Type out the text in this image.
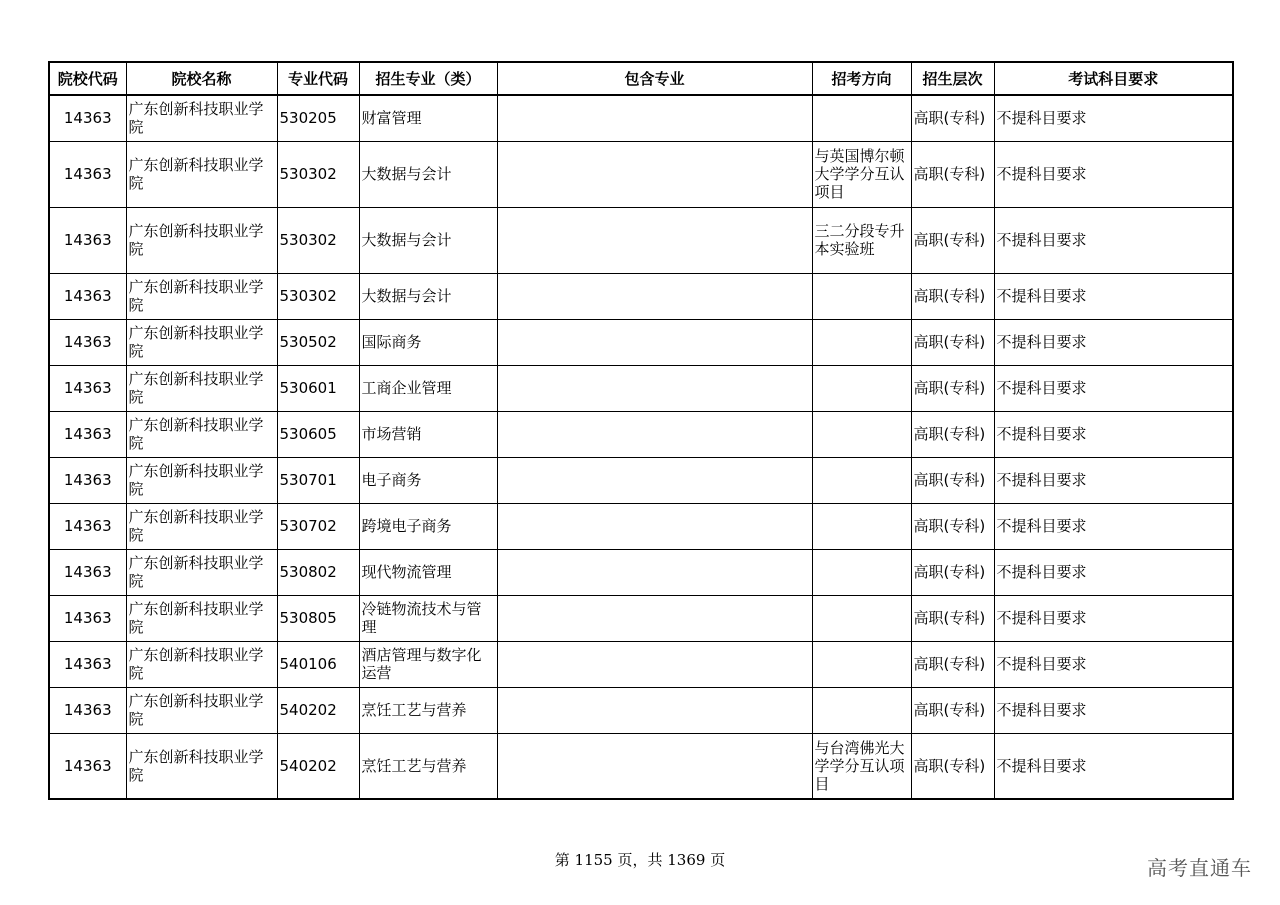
院校代码	院校名称	专业代码	招生专业（类）	包含专业	招考方向	招生层次	考试科目要求
14363	广东创新科技职业学院	530205	财富管理			高职(专科)	不提科目要求
14363	广东创新科技职业学院	530302	大数据与会计		与英国博尔顿大学学分互认项目	高职(专科)	不提科目要求
14363	广东创新科技职业学院	530302	大数据与会计		三二分段专升本实验班	高职(专科)	不提科目要求
14363	广东创新科技职业学院	530302	大数据与会计			高职(专科)	不提科目要求
14363	广东创新科技职业学院	530502	国际商务			高职(专科)	不提科目要求
14363	广东创新科技职业学院	530601	工商企业管理			高职(专科)	不提科目要求
14363	广东创新科技职业学院	530605	市场营销			高职(专科)	不提科目要求
14363	广东创新科技职业学院	530701	电子商务			高职(专科)	不提科目要求
14363	广东创新科技职业学院	530702	跨境电子商务			高职(专科)	不提科目要求
14363	广东创新科技职业学院	530802	现代物流管理			高职(专科)	不提科目要求
14363	广东创新科技职业学院	530805	冷链物流技术与管理			高职(专科)	不提科目要求
14363	广东创新科技职业学院	540106	酒店管理与数字化运营			高职(专科)	不提科目要求
14363	广东创新科技职业学院	540202	烹饪工艺与营养			高职(专科)	不提科目要求
14363	广东创新科技职业学院	540202	烹饪工艺与营养		与台湾佛光大学学分互认项目	高职(专科)	不提科目要求
第 1155 页，共 1369 页	高考直通车
